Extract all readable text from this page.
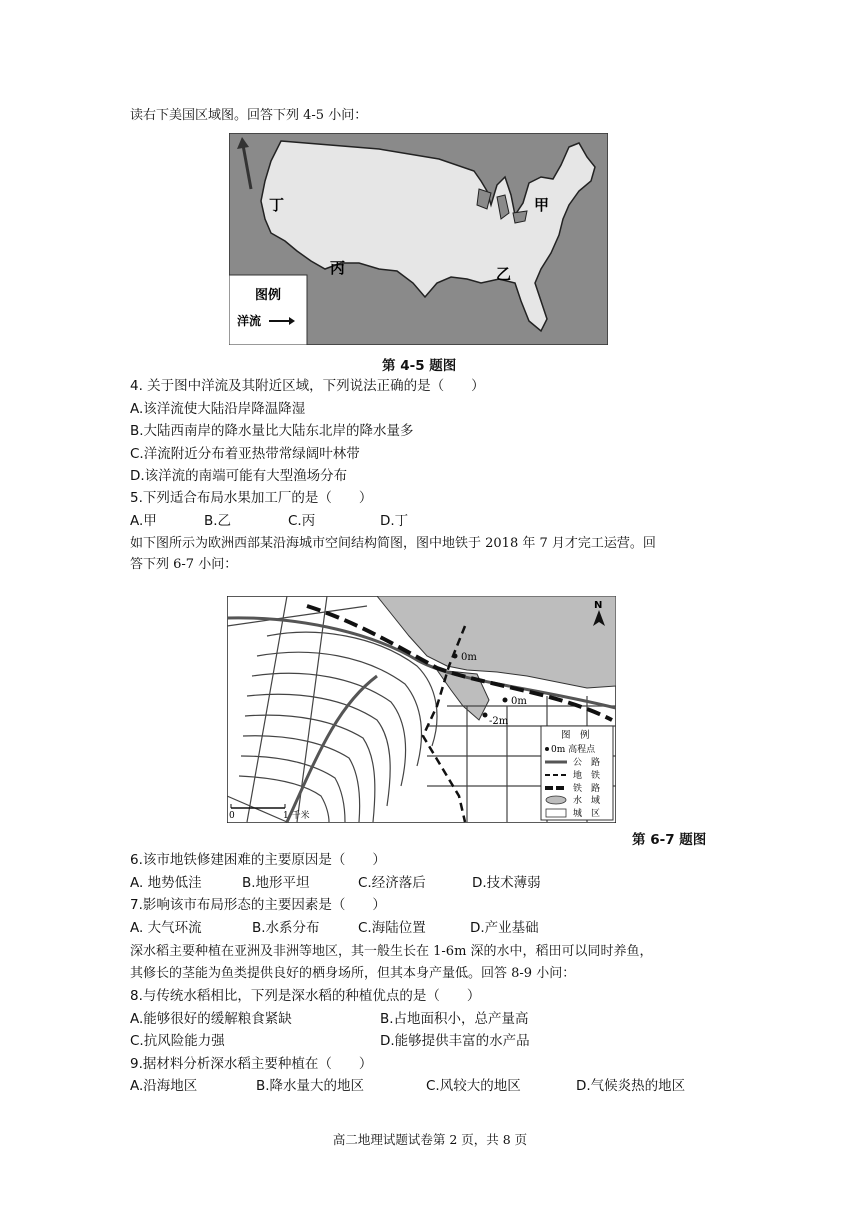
读右下美国区域图。回答下列 4-5 小问：
图例
洋流
丁	甲
丙	乙
第 4-5 题图
4. 关于图中洋流及其附近区域，下列说法正确的是（　　）
A.该洋流使大陆沿岸降温降湿
B.大陆西南岸的降水量比大陆东北岸的降水量多
C.洋流附近分布着亚热带常绿阔叶林带
D.该洋流的南端可能有大型渔场分布
5.下列适合布局水果加工厂的是（　　）
A.甲	B.乙	C.丙	D.丁
如下图所示为欧洲西部某沿海城市空间结构简图，图中地铁于 2018 年 7 月才完工运营。回
答下列 6-7 小问：
0m
0m
-2m
N
0	1 千米
图　例
0m 高程点
公　路
地　铁
铁　路
水　域
城　区
第 6-7 题图
6.该市地铁修建困难的主要原因是（　　）
A. 地势低洼	B.地形平坦	C.经济落后	D.技术薄弱
7.影响该市布局形态的主要因素是（　　）
A. 大气环流	B.水系分布	C.海陆位置	D.产业基础
深水稻主要种植在亚洲及非洲等地区，其一般生长在 1-6m 深的水中，稻田可以同时养鱼，
其修长的茎能为鱼类提供良好的栖身场所，但其本身产量低。回答 8-9 小问：
8.与传统水稻相比，下列是深水稻的种植优点的是（　　）
A.能够很好的缓解粮食紧缺	B.占地面积小，总产量高
C.抗风险能力强	D.能够提供丰富的水产品
9.据材料分析深水稻主要种植在（　　）
A.沿海地区	B.降水量大的地区	C.风较大的地区	D.气候炎热的地区
高二地理试题试卷第 2 页，共 8 页
